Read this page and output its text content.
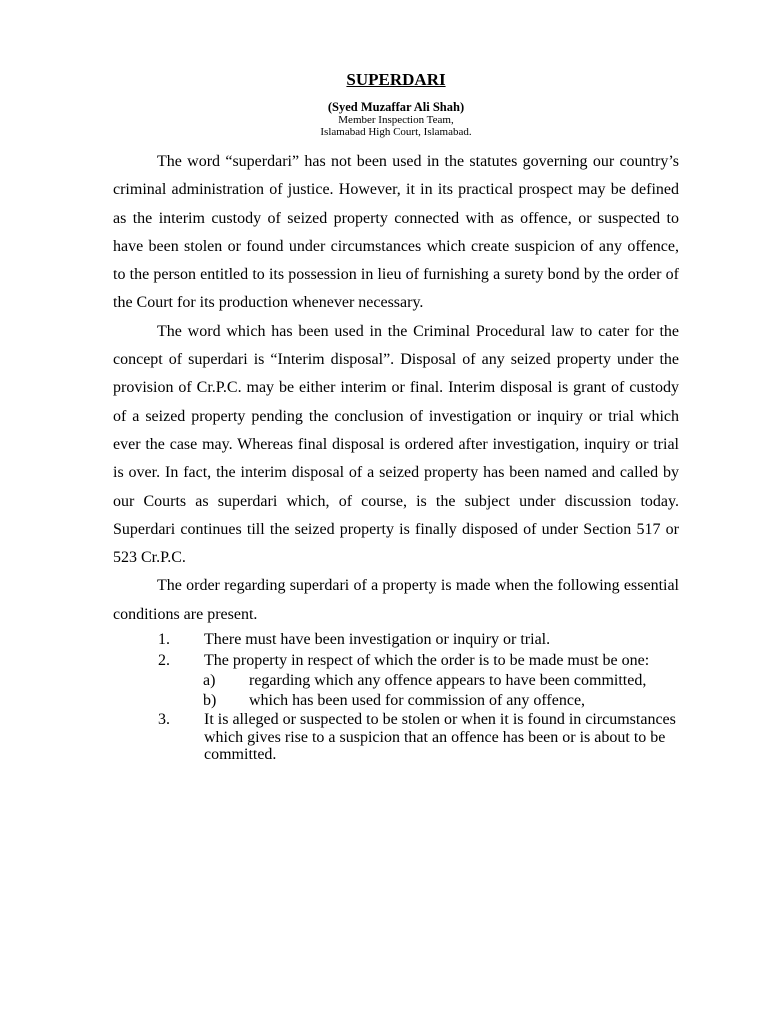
SUPERDARI
(Syed Muzaffar Ali Shah)
Member Inspection Team,
Islamabad High Court, Islamabad.

The word “superdari” has not been used in the statutes governing our country’s criminal administration of justice. However, it in its practical prospect may be defined as the interim custody of seized property connected with as offence, or suspected to have been stolen or found under circumstances which create suspicion of any offence, to the person entitled to its possession in lieu of furnishing a surety bond by the order of the Court for its production whenever necessary.

The word which has been used in the Criminal Procedural law to cater for the concept of superdari is “Interim disposal”. Disposal of any seized property under the provision of Cr.P.C. may be either interim or final. Interim disposal is grant of custody of a seized property pending the conclusion of investigation or inquiry or trial which ever the case may. Whereas final disposal is ordered after investigation, inquiry or trial is over. In fact, the interim disposal of a seized property has been named and called by our Courts as superdari which, of course, is the subject under discussion today. Superdari continues till the seized property is finally disposed of under Section 517 or 523 Cr.P.C.

The order regarding superdari of a property is made when the following essential conditions are present.

1. There must have been investigation or inquiry or trial.
2. The property in respect of which the order is to be made must be one:
a) regarding which any offence appears to have been committed,
b) which has been used for commission of any offence,
3. It is alleged or suspected to be stolen or when it is found in circumstances which gives rise to a suspicion that an offence has been or is about to be committed.
